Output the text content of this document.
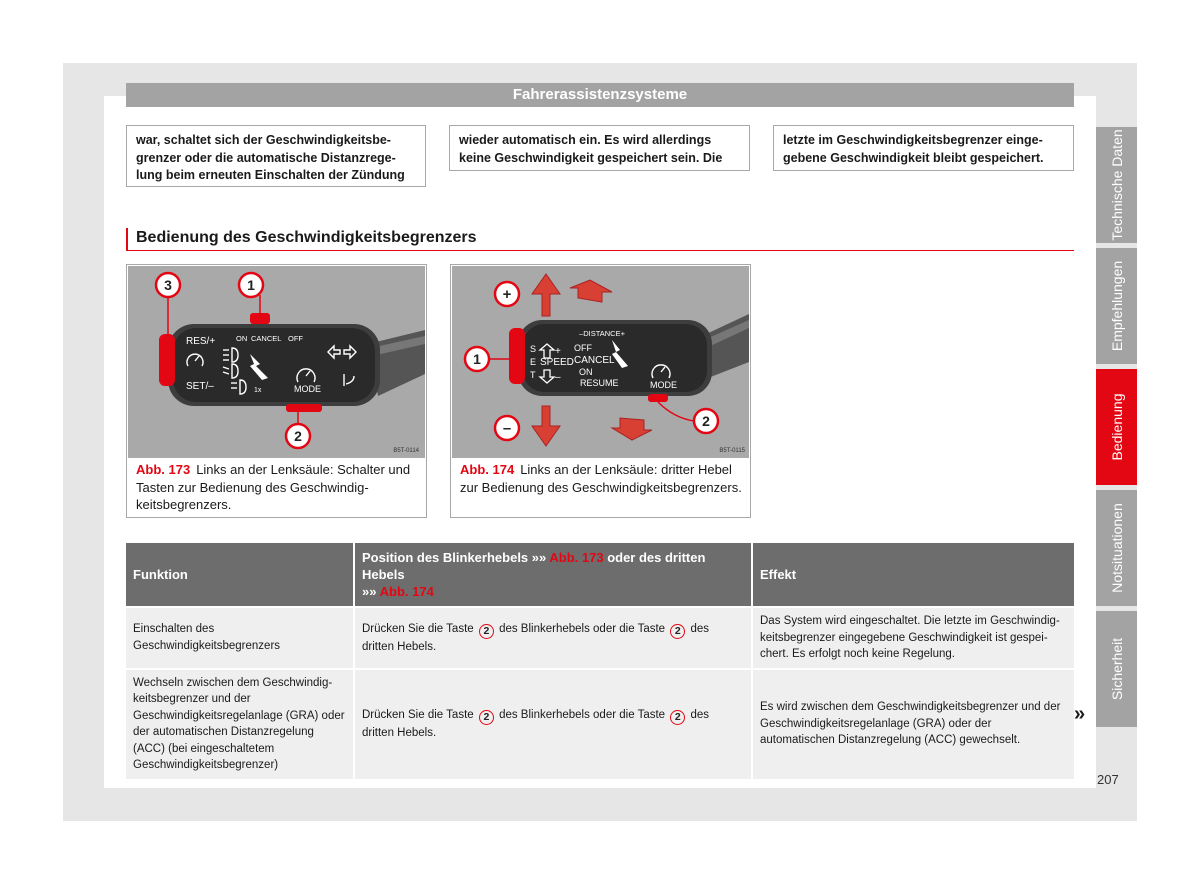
Fahrerassistenzsysteme
war, schaltet sich der Geschwindigkeitsbe-
grenzer oder die automatische Distanzrege-
lung beim erneuten Einschalten der Zündung
wieder automatisch ein. Es wird allerdings
keine Geschwindigkeit gespeichert sein. Die
letzte im Geschwindigkeitsbegrenzer einge-
gebene Geschwindigkeit bleibt gespeichert.
Bedienung des Geschwindigkeitsbegrenzers
RES/+
SET/–
ON CANCEL OFF
MODE
1x
1
2
3
B5T-0114
Abb. 173 Links an der Lenksäule: Schalter und Tasten zur Bedienung des Geschwindigkeitsbegrenzers.
–DISTANCE+
S
E
T
SPEED
OFF
CANCEL
ON
RESUME	MODE
+
–
+
–
1
2
B5T-0115
Abb. 174 Links an der Lenksäule: dritter Hebel zur Bedienung des Geschwindigkeitsbegrenzers.
Funktion	Position des Blinkerhebels »» Abb. 173 oder des dritten Hebels
»» Abb. 174	Effekt
Einschalten des Geschwindigkeitsbegrenzers	Drücken Sie die Taste 2 des Blinkerhebels oder die Taste 2 des dritten Hebels.	Das System wird eingeschaltet. Die letzte im Geschwindigkeitsbegrenzer eingegebene Geschwindigkeit ist gespeichert. Es erfolgt noch keine Regelung.
Wechseln zwischen dem Geschwindigkeitsbegrenzer und der Geschwindigkeitsregelanlage (GRA) oder der automatischen Distanzregelung (ACC) (bei eingeschaltetem Geschwindigkeitsbegrenzer)	Drücken Sie die Taste 2 des Blinkerhebels oder die Taste 2 des dritten Hebels.	Es wird zwischen dem Geschwindigkeitsbegrenzer und der Geschwindigkeitsregelanlage (GRA) oder der automatischen Distanzregelung (ACC) gewechselt.
»
207
Technische Daten
Empfehlungen
Bedienung
Notsituationen
Sicherheit
